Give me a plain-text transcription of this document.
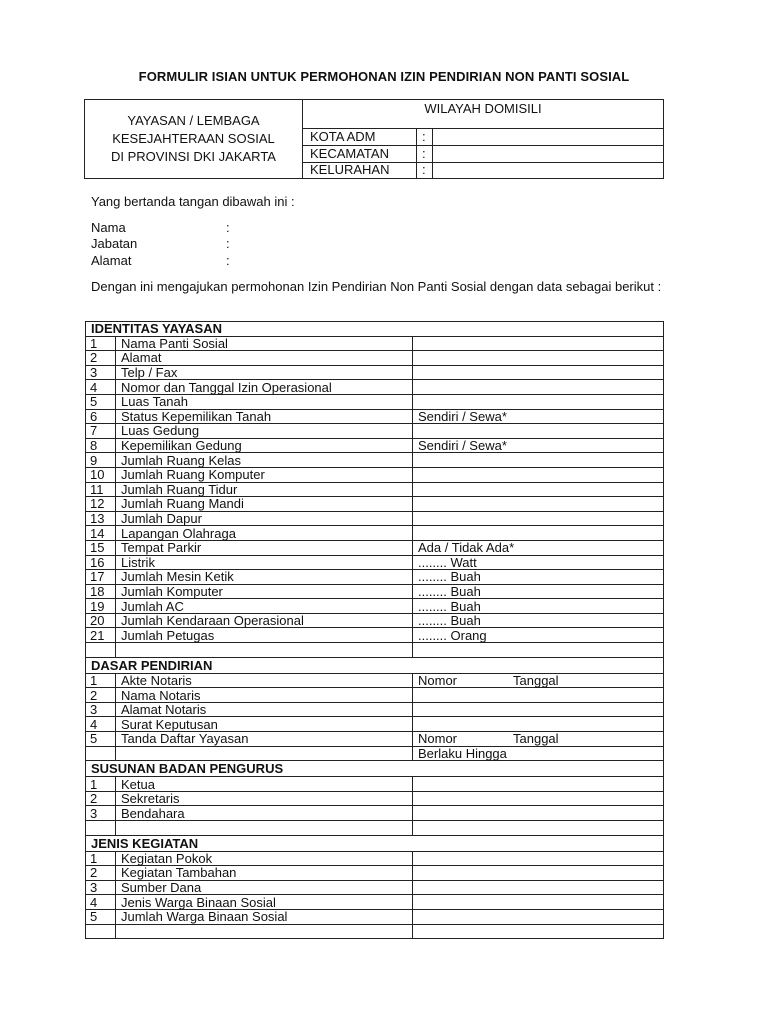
FORMULIR ISIAN UNTUK PERMOHONAN IZIN PENDIRIAN NON PANTI SOSIAL
YAYASAN / LEMBAGA
KESEJAHTERAAN SOSIAL
DI PROVINSI DKI JAKARTA
WILAYAH DOMISILI
KOTA ADM	:
KECAMATAN	:
KELURAHAN	:
Yang bertanda tangan dibawah ini :
Nama	:
Jabatan	:
Alamat	:
Dengan ini mengajukan permohonan Izin Pendirian Non Panti Sosial dengan data sebagai berikut :
IDENTITAS YAYASAN		
1	Nama Panti Sosial	
2	Alamat	
3	Telp / Fax	
4	Nomor dan Tanggal Izin Operasional	
5	Luas Tanah	
6	Status Kepemilikan Tanah	Sendiri / Sewa*
7	Luas Gedung	
8	Kepemilikan Gedung	Sendiri / Sewa*
9	Jumlah Ruang Kelas	
10	Jumlah Ruang Komputer	
11	Jumlah Ruang Tidur	
12	Jumlah Ruang Mandi	
13	Jumlah Dapur	
14	Lapangan Olahraga	
15	Tempat Parkir	Ada / Tidak Ada*
16	Listrik	........ Watt
17	Jumlah Mesin Ketik	........ Buah
18	Jumlah Komputer	........ Buah
19	Jumlah AC	........ Buah
20	Jumlah Kendaraan Operasional	........ Buah
21	Jumlah Petugas	........ Orang

DASAR PENDIRIAN		
1	Akte Notaris	Nomor Tanggal
2	Nama Notaris	
3	Alamat Notaris	
4	Surat Keputusan	
5	Tanda Daftar Yayasan	Nomor Tanggal
		Berlaku Hingga
SUSUNAN BADAN PENGURUS		
1	Ketua	
2	Sekretaris	
3	Bendahara	

JENIS KEGIATAN		
1	Kegiatan Pokok	
2	Kegiatan Tambahan	
3	Sumber Dana	
4	Jenis Warga Binaan Sosial	
5	Jumlah Warga Binaan Sosial	
